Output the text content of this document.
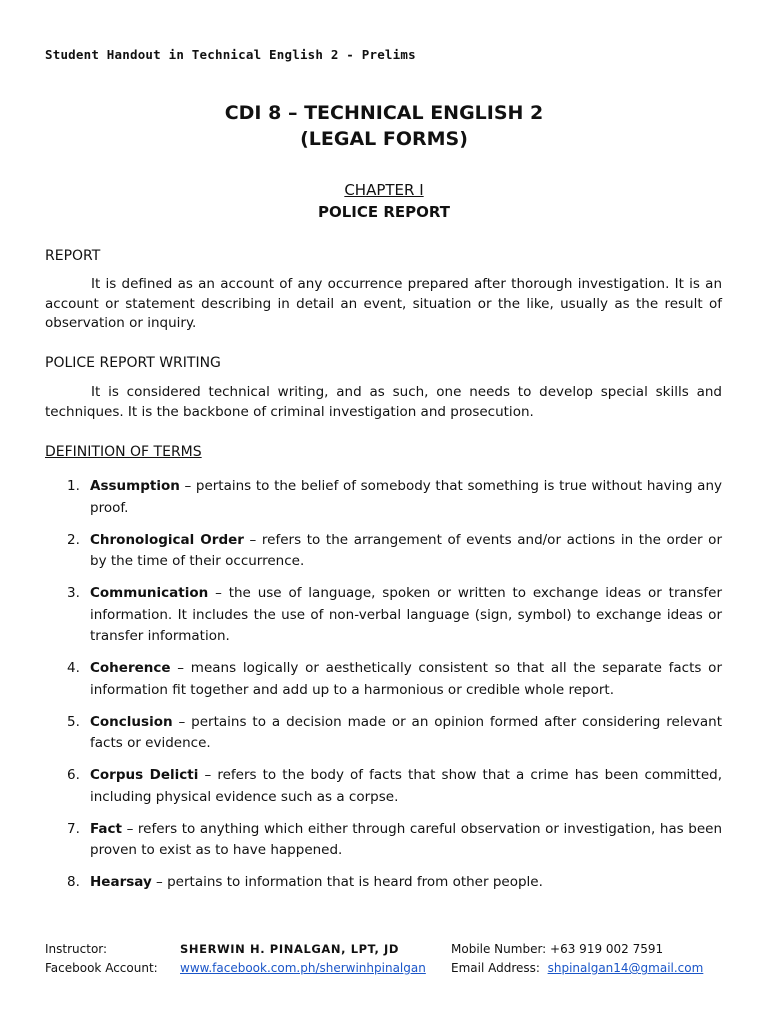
Student Handout in Technical English 2 - Prelims
CDI 8 – TECHNICAL ENGLISH 2
(LEGAL FORMS)
CHAPTER I
POLICE REPORT
REPORT
It is defined as an account of any occurrence prepared after thorough investigation. It is an account or statement describing in detail an event, situation or the like, usually as the result of observation or inquiry.
POLICE REPORT WRITING
It is considered technical writing, and as such, one needs to develop special skills and techniques. It is the backbone of criminal investigation and prosecution.
DEFINITION OF TERMS
1. Assumption – pertains to the belief of somebody that something is true without having any proof.
2. Chronological Order – refers to the arrangement of events and/or actions in the order or by the time of their occurrence.
3. Communication – the use of language, spoken or written to exchange ideas or transfer information. It includes the use of non-verbal language (sign, symbol) to exchange ideas or transfer information.
4. Coherence – means logically or aesthetically consistent so that all the separate facts or information fit together and add up to a harmonious or credible whole report.
5. Conclusion – pertains to a decision made or an opinion formed after considering relevant facts or evidence.
6. Corpus Delicti – refers to the body of facts that show that a crime has been committed, including physical evidence such as a corpse.
7. Fact – refers to anything which either through careful observation or investigation, has been proven to exist as to have happened.
8. Hearsay – pertains to information that is heard from other people.
Instructor:	SHERWIN H. PINALGAN, LPT, JD	Mobile Number: +63 919 002 7591
Facebook Account:	www.facebook.com.ph/sherwinhpinalgan	Email Address: shpinalgan14@gmail.com
